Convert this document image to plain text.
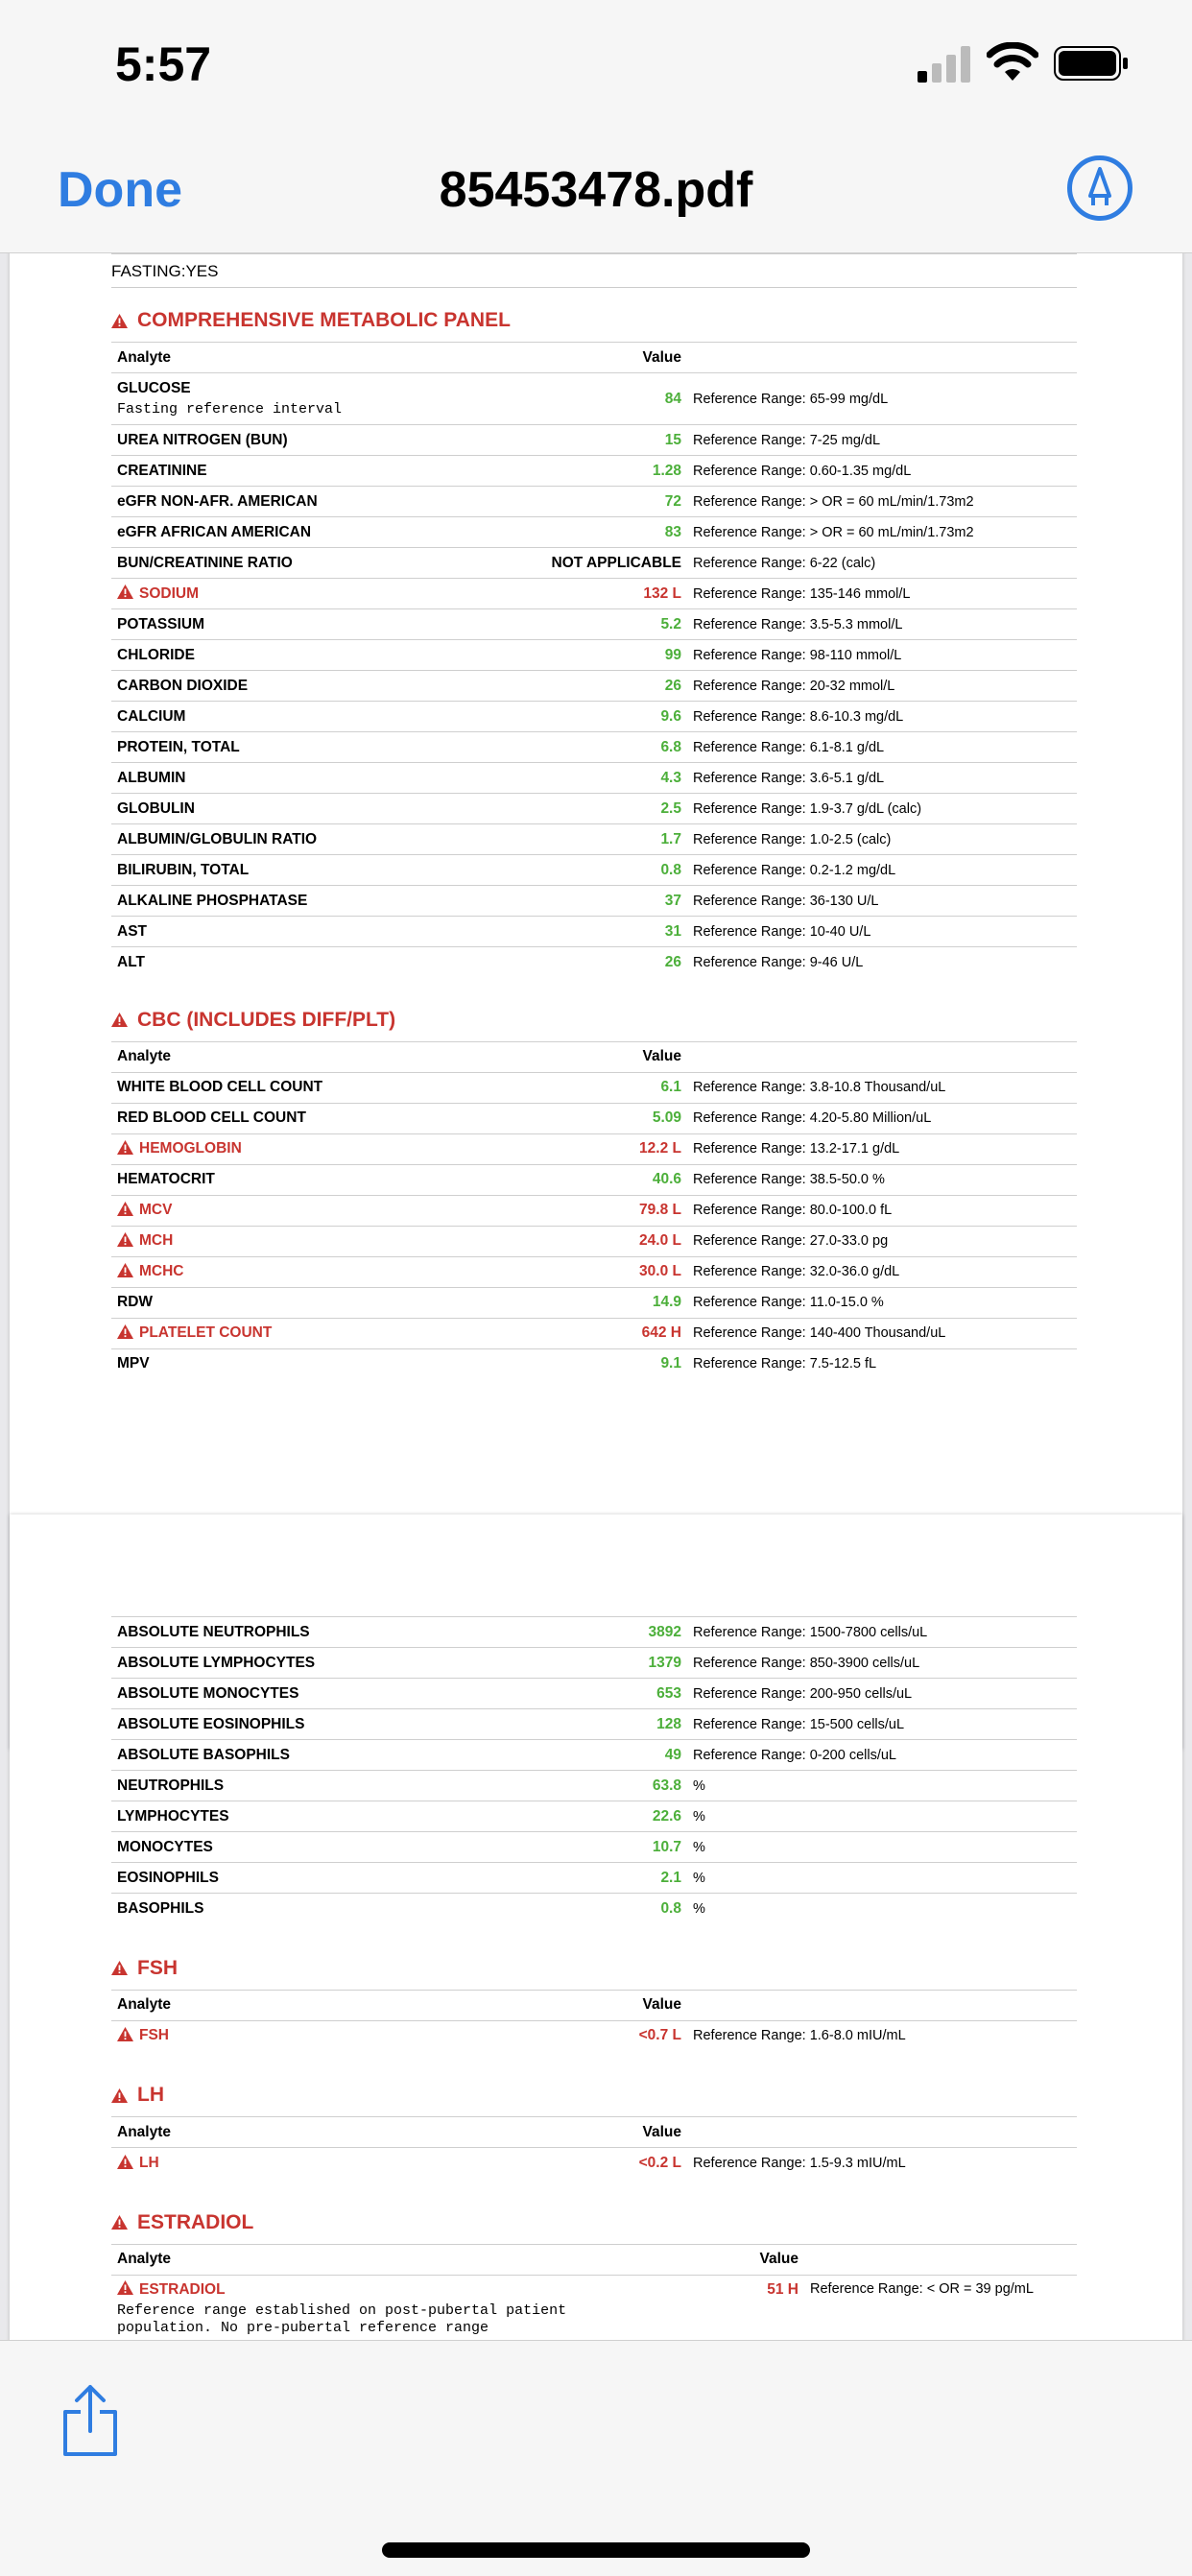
5:57
Done	85453478.pdf
FASTING:YES
COMPREHENSIVE METABOLIC PANEL
Analyte	Value	
GLUCOSE
Fasting reference interval	84	Reference Range: 65-99 mg/dL
UREA NITROGEN (BUN)	15	Reference Range: 7-25 mg/dL
CREATININE	1.28	Reference Range: 0.60-1.35 mg/dL
eGFR NON-AFR. AMERICAN	72	Reference Range: > OR = 60 mL/min/1.73m2
eGFR AFRICAN AMERICAN	83	Reference Range: > OR = 60 mL/min/1.73m2
BUN/CREATININE RATIO	NOT APPLICABLE	Reference Range: 6-22 (calc)
SODIUM	132 L	Reference Range: 135-146 mmol/L
POTASSIUM	5.2	Reference Range: 3.5-5.3 mmol/L
CHLORIDE	99	Reference Range: 98-110 mmol/L
CARBON DIOXIDE	26	Reference Range: 20-32 mmol/L
CALCIUM	9.6	Reference Range: 8.6-10.3 mg/dL
PROTEIN, TOTAL	6.8	Reference Range: 6.1-8.1 g/dL
ALBUMIN	4.3	Reference Range: 3.6-5.1 g/dL
GLOBULIN	2.5	Reference Range: 1.9-3.7 g/dL (calc)
ALBUMIN/GLOBULIN RATIO	1.7	Reference Range: 1.0-2.5 (calc)
BILIRUBIN, TOTAL	0.8	Reference Range: 0.2-1.2 mg/dL
ALKALINE PHOSPHATASE	37	Reference Range: 36-130 U/L
AST	31	Reference Range: 10-40 U/L
ALT	26	Reference Range: 9-46 U/L
CBC (INCLUDES DIFF/PLT)
Analyte	Value	
WHITE BLOOD CELL COUNT	6.1	Reference Range: 3.8-10.8 Thousand/uL
RED BLOOD CELL COUNT	5.09	Reference Range: 4.20-5.80 Million/uL
HEMOGLOBIN	12.2 L	Reference Range: 13.2-17.1 g/dL
HEMATOCRIT	40.6	Reference Range: 38.5-50.0 %
MCV	79.8 L	Reference Range: 80.0-100.0 fL
MCH	24.0 L	Reference Range: 27.0-33.0 pg
MCHC	30.0 L	Reference Range: 32.0-36.0 g/dL
RDW	14.9	Reference Range: 11.0-15.0 %
PLATELET COUNT	642 H	Reference Range: 140-400 Thousand/uL
MPV	9.1	Reference Range: 7.5-12.5 fL
ABSOLUTE NEUTROPHILS	3892	Reference Range: 1500-7800 cells/uL
ABSOLUTE LYMPHOCYTES	1379	Reference Range: 850-3900 cells/uL
ABSOLUTE MONOCYTES	653	Reference Range: 200-950 cells/uL
ABSOLUTE EOSINOPHILS	128	Reference Range: 15-500 cells/uL
ABSOLUTE BASOPHILS	49	Reference Range: 0-200 cells/uL
NEUTROPHILS	63.8	%
LYMPHOCYTES	22.6	%
MONOCYTES	10.7	%
EOSINOPHILS	2.1	%
BASOPHILS	0.8	%
FSH
Analyte	Value	
FSH	<0.7 L	Reference Range: 1.6-8.0 mIU/mL
LH
Analyte	Value	
LH	<0.2 L	Reference Range: 1.5-9.3 mIU/mL
ESTRADIOL
Analyte	Value	
ESTRADIOL
Reference range established on post-pubertal patient population. No pre-pubertal reference range	51 H	Reference Range: < OR = 39 pg/mL
